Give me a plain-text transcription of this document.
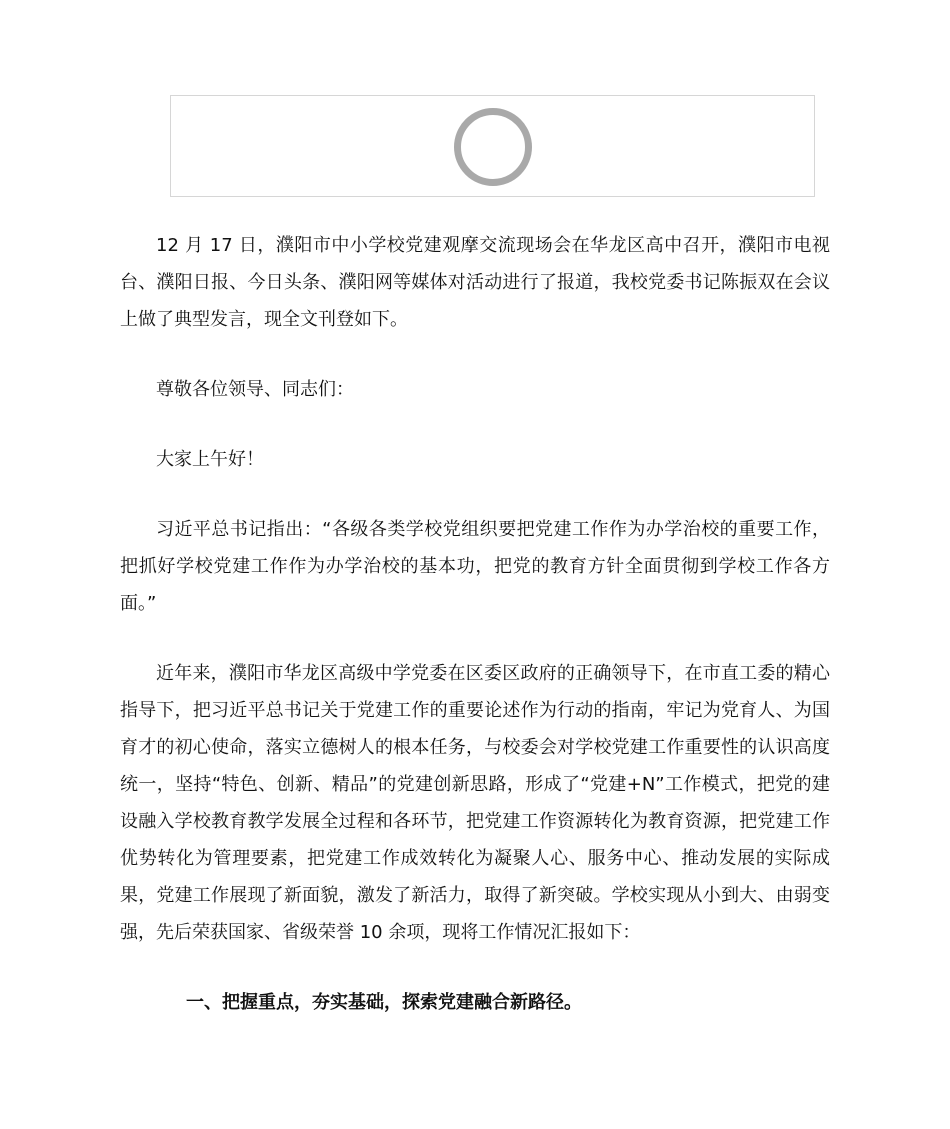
12 月 17 日，濮阳市中小学校党建观摩交流现场会在华龙区高中召开，濮阳市电视台、濮阳日报、今日头条、濮阳网等媒体对活动进行了报道，我校党委书记陈振双在会议上做了典型发言，现全文刊登如下。

尊敬各位领导、同志们：

大家上午好！

习近平总书记指出：“各级各类学校党组织要把党建工作作为办学治校的重要工作，把抓好学校党建工作作为办学治校的基本功，把党的教育方针全面贯彻到学校工作各方面。”

近年来，濮阳市华龙区高级中学党委在区委区政府的正确领导下，在市直工委的精心指导下，把习近平总书记关于党建工作的重要论述作为行动的指南，牢记为党育人、为国育才的初心使命，落实立德树人的根本任务，与校委会对学校党建工作重要性的认识高度统一，坚持“特色、创新、精品”的党建创新思路，形成了“党建+N”工作模式，把党的建设融入学校教育教学发展全过程和各环节，把党建工作资源转化为教育资源，把党建工作优势转化为管理要素，把党建工作成效转化为凝聚人心、服务中心、推动发展的实际成果，党建工作展现了新面貌，激发了新活力，取得了新突破。学校实现从小到大、由弱变强，先后荣获国家、省级荣誉 10 余项，现将工作情况汇报如下：

一、把握重点，夯实基础，探索党建融合新路径。
